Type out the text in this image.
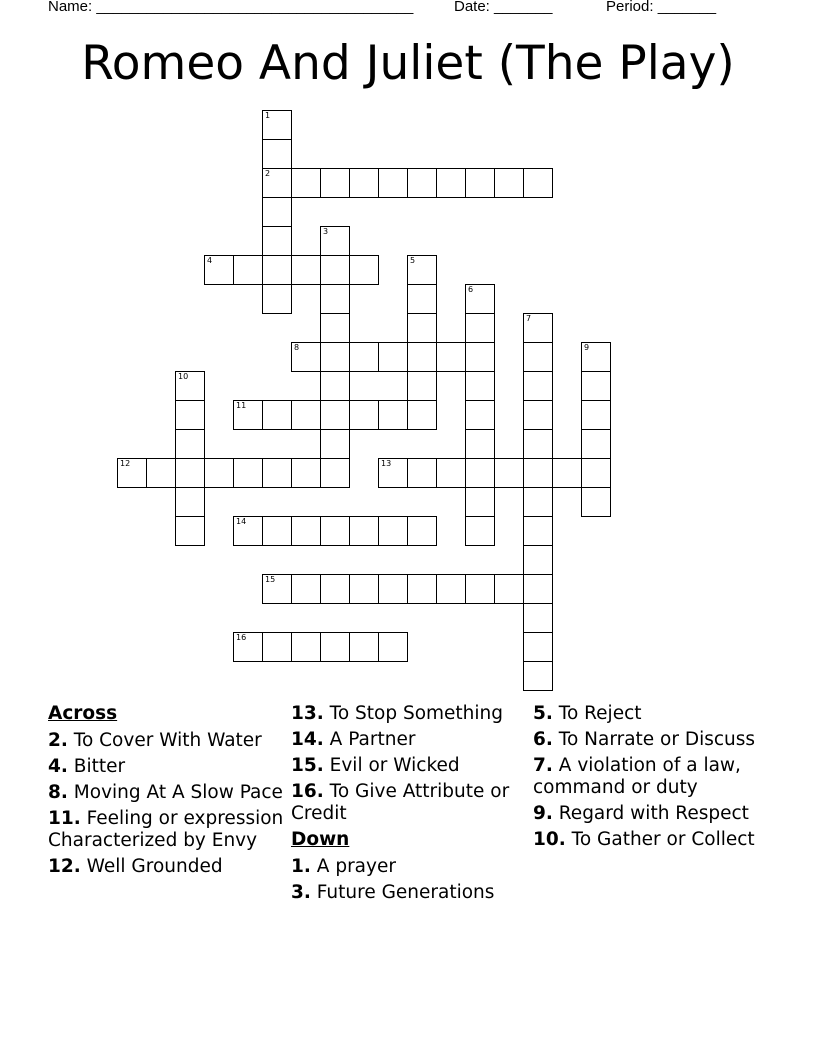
Name: ______________________________________	Date: _______	Period: _______
Romeo And Juliet (The Play)
1
2
3
4	5
6
7
8	9
10
11
12	13
14
15
16
Across
2. To Cover With Water
4. Bitter
8. Moving At A Slow Pace
11. Feeling or expression Characterized by Envy
12. Well Grounded
13. To Stop Something
14. A Partner
15. Evil or Wicked
16. To Give Attribute or Credit
Down
1. A prayer
3. Future Generations
5. To Reject
6. To Narrate or Discuss
7. A violation of a law, command or duty
9. Regard with Respect
10. To Gather or Collect
